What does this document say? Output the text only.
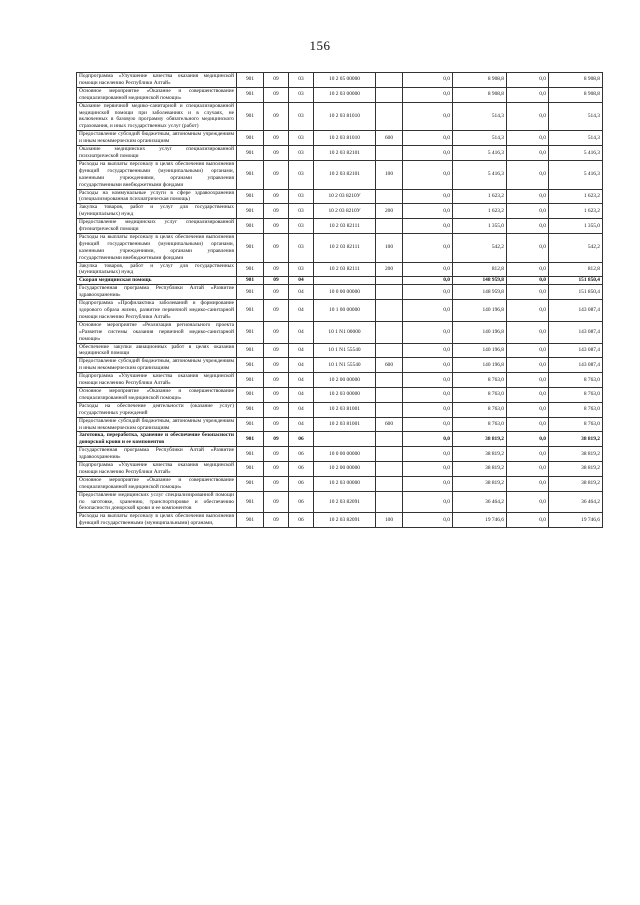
156
Подпрограмма «Улучшение качества оказания медицинской помощи населению Республики Алтай»	901	09	03	10 2 05 00000		0,0	8 908,8	0,0	8 908,8
Основное мероприятие «Оказание и совершенствование специализированной медицинской помощи»	901	09	03	10 2 03 00000		0,0	8 908,8	0,0	8 908,8
Оказание первичной медико-санитарной и специализированной медицинской помощи при заболеваниях и в случаях, не включенных в базовую программу обязательного медицинского страхования, и иных государственных услуг (работ)	901	09	03	10 2 03 81010		0,0	514,3	0,0	514,3
Предоставление субсидий бюджетным, автономным учреждениям и иным некоммерческим организациям	901	09	03	10 2 03 81010	600	0,0	514,3	0,0	514,3
Оказание медицинских услуг специализированной психиатрической помощи	901	09	03	10 2 03 82101		0,0	5 416,3	0,0	5 416,3
Расходы на выплаты персоналу в целях обеспечения выполнения функций государственными (муниципальными) органами, казенными учреждениями, органами управления государственными внебюджетными фондами	901	09	03	10 2 03 82101	100	0,0	5 416,3	0,0	5 416,3
Расходы на коммунальные услуги в сфере здравоохранения (специализированная психиатрическая помощь)	901	09	03	10 2 03 8210У		0,0	1 623,2	0,0	1 623,2
Закупка товаров, работ и услуг для государственных (муниципальных) нужд	901	09	03	10 2 03 8210У	200	0,0	1 623,2	0,0	1 623,2
Предоставление медицинских услуг специализированной фтизиатрической помощи	901	09	03	10 2 03 82111		0,0	1 355,0	0,0	1 355,0
Расходы на выплаты персоналу в целях обеспечения выполнения функций государственными (муниципальными) органами, казенными учреждениями, органами управления государственными внебюджетными фондами	901	09	03	10 2 03 82111	100	0,0	542,2	0,0	542,2
Закупка товаров, работ и услуг для государственных (муниципальных) нужд	901	09	03	10 2 03 82111	200	0,0	812,8	0,0	812,8
Скорая медицинская помощь	901	09	04			0,0	148 959,8	0,0	151 850,4
Государственная программа Республики Алтай «Развитие здравоохранения»	901	09	04	10 0 00 00000		0,0	148 959,8	0,0	151 850,4
Подпрограмма «Профилактика заболеваний и формирование здорового образа жизни, развитие первичной медико-санитарной помощи населению Республики Алтай»	901	09	04	10 1 00 00000		0,0	140 196,8	0,0	143 087,4
Основное мероприятие «Реализация регионального проекта «Развитие системы оказания первичной медико-санитарной помощи»	901	09	04	10 1 N1 00000		0,0	140 196,8	0,0	143 087,4
Обеспечение закупки авиационных работ в целях оказания медицинской помощи	901	09	04	10 1 N1 55540		0,0	140 196,8	0,0	143 087,4
Предоставление субсидий бюджетным, автономным учреждениям и иным некоммерческим организациям	901	09	04	10 1 N1 55540	600	0,0	140 196,8	0,0	143 087,4
Подпрограмма «Улучшение качества оказания медицинской помощи населению Республики Алтай»	901	09	04	10 2 00 00000		0,0	8 763,0	0,0	8 763,0
Основное мероприятие «Оказание и совершенствование специализированной медицинской помощи»	901	09	04	10 2 03 00000		0,0	8 763,0	0,0	8 763,0
Расходы на обеспечение деятельности (оказание услуг) государственных учреждений	901	09	04	10 2 03 81001		0,0	8 763,0	0,0	8 763,0
Предоставление субсидий бюджетным, автономным учреждениям и иным некоммерческим организациям	901	09	04	10 2 03 81001	600	0,0	8 763,0	0,0	8 763,0
Заготовка, переработка, хранение и обеспечение безопасности донорской крови и ее компонентов	901	09	06			0,0	38 819,2	0,0	38 819,2
Государственная программа Республики Алтай «Развитие здравоохранения»	901	09	06	10 0 00 00000		0,0	38 819,2	0,0	38 819,2
Подпрограмма «Улучшение качества оказания медицинской помощи населению Республики Алтай»	901	09	06	10 2 00 00000		0,0	38 819,2	0,0	38 819,2
Основное мероприятие «Оказание и совершенствование специализированной медицинской помощи»	901	09	06	10 2 03 00000		0,0	38 819,2	0,0	38 819,2
Предоставление медицинских услуг специализированной помощи по заготовке, хранению, транспортировке и обеспечению безопасности донорской крови и ее компонентов	901	09	06	10 2 03 82091		0,0	36 464,2	0,0	36 464,2
Расходы на выплаты персоналу в целях обеспечения выполнения функций государственными (муниципальными) органами,	901	09	06	10 2 03 82091	100	0,0	19 746,6	0,0	19 746,6
